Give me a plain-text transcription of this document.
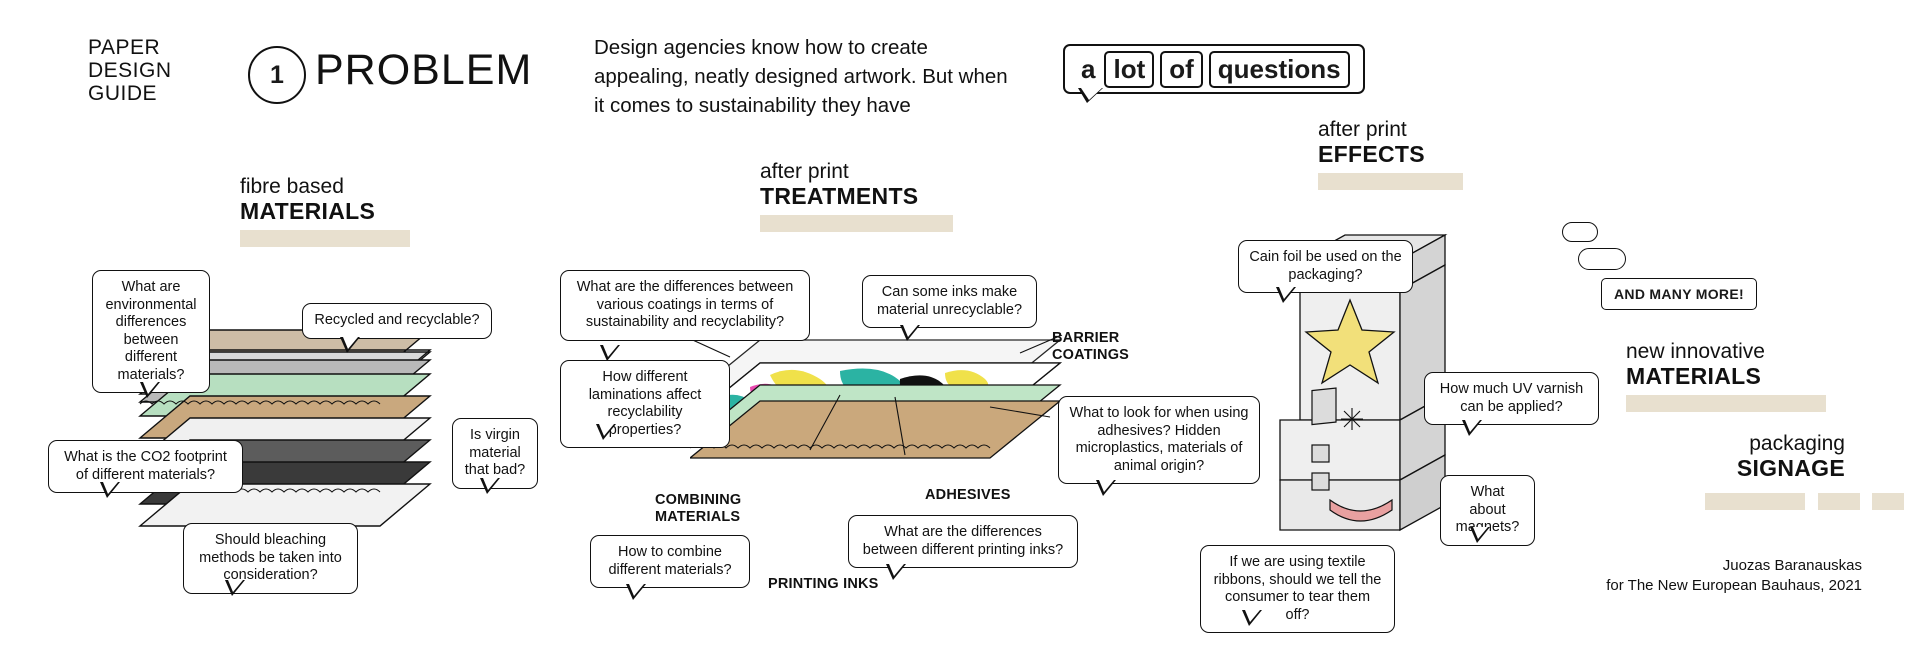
PAPER
DESIGN
GUIDE
1 PROBLEM	Design agencies know how to create appealing, neatly designed artwork. But when it comes to sustainability they have
a lot of questions
fibre based
MATERIALS
after print
TREATMENTS
after print
EFFECTS
new innovative
MATERIALS
packaging
SIGNAGE
What are environmental differences between different materials?
Recycled and recyclable?
What is the CO2 footprint of different materials?
Is virgin material that bad?
Should bleaching methods be taken into consideration?
What are the differences between various coatings in terms of sustainability and recyclability?
Can some inks make material unrecyclable?
How different laminations affect recyclability properties?
What to look for when using adhesives? Hidden microplastics, materials of animal origin?
How to combine different materials?
What are the differences between different printing inks?
BARRIER
COATINGS
ADHESIVES
COMBINING
MATERIALS
PRINTING INKS
Cain foil be used on the packaging?
How much UV varnish can be applied?
What about magnets?
If we are using textile ribbons, should we tell the consumer to tear them off?
AND MANY MORE!
Juozas Baranauskas
for The New European Bauhaus, 2021
